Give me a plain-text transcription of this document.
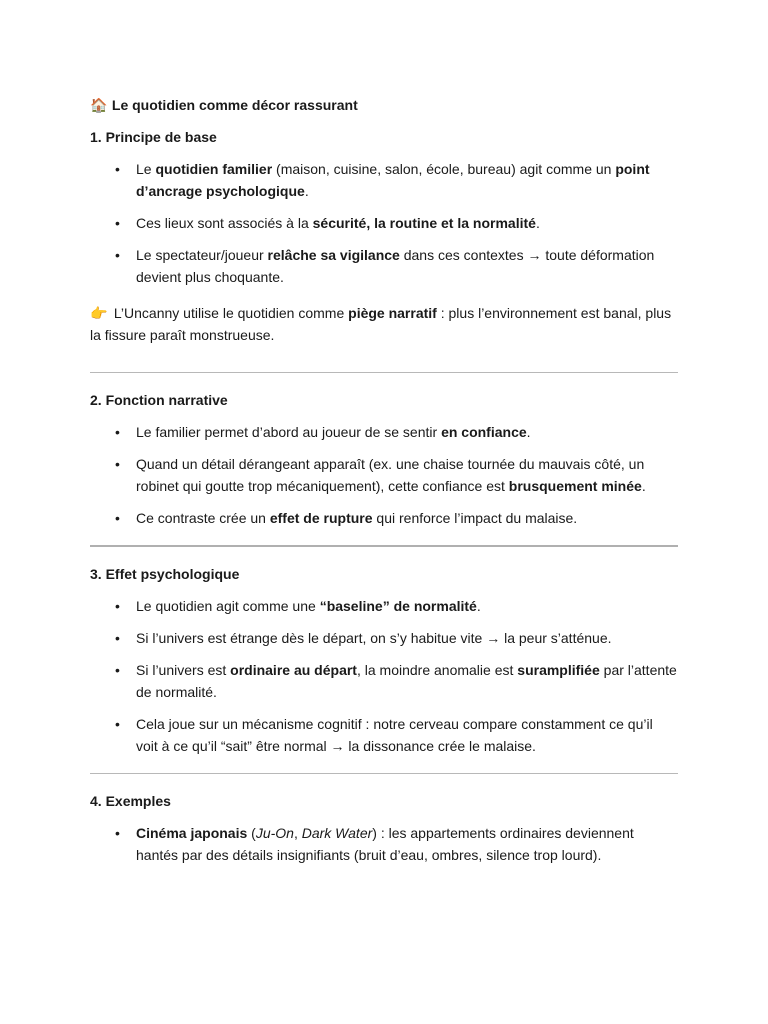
🏠 Le quotidien comme décor rassurant
1. Principe de base
• Le quotidien familier (maison, cuisine, salon, école, bureau) agit comme un point d’ancrage psychologique.
• Ces lieux sont associés à la sécurité, la routine et la normalité.
• Le spectateur/joueur relâche sa vigilance dans ces contextes → toute déformation devient plus choquante.
👉 L’Uncanny utilise le quotidien comme piège narratif : plus l’environnement est banal, plus la fissure paraît monstrueuse.
2. Fonction narrative
• Le familier permet d’abord au joueur de se sentir en confiance.
• Quand un détail dérangeant apparaît (ex. une chaise tournée du mauvais côté, un robinet qui goutte trop mécaniquement), cette confiance est brusquement minée.
• Ce contraste crée un effet de rupture qui renforce l’impact du malaise.
3. Effet psychologique
• Le quotidien agit comme une “baseline” de normalité.
• Si l’univers est étrange dès le départ, on s’y habitue vite → la peur s’atténue.
• Si l’univers est ordinaire au départ, la moindre anomalie est suramplifiée par l’attente de normalité.
• Cela joue sur un mécanisme cognitif : notre cerveau compare constamment ce qu’il voit à ce qu’il “sait” être normal → la dissonance crée le malaise.
4. Exemples
• Cinéma japonais (Ju-On, Dark Water) : les appartements ordinaires deviennent hantés par des détails insignifiants (bruit d’eau, ombres, silence trop lourd).
